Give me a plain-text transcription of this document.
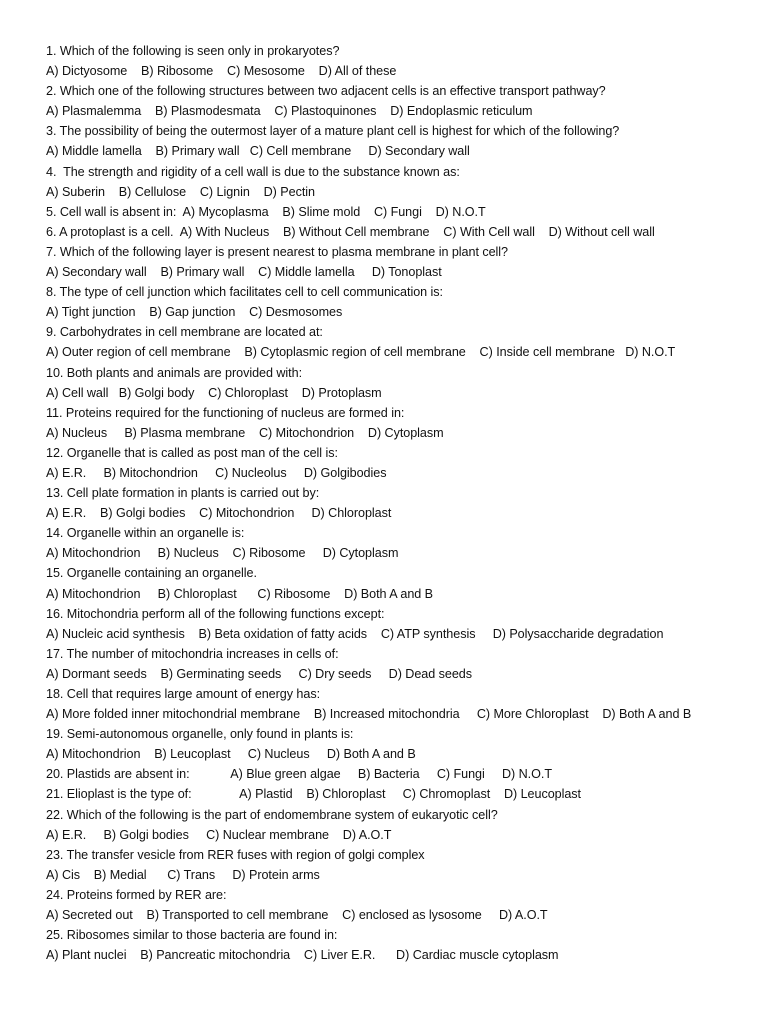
1. Which of the following is seen only in prokaryotes?
A) Dictyosome    B) Ribosome    C) Mesosome    D) All of these
2. Which one of the following structures between two adjacent cells is an effective transport pathway?
A) Plasmalemma    B) Plasmodesmata    C) Plastoquinones    D) Endoplasmic reticulum
3. The possibility of being the outermost layer of a mature plant cell is highest for which of the following?
A) Middle lamella    B) Primary wall   C) Cell membrane     D) Secondary wall
4.  The strength and rigidity of a cell wall is due to the substance known as:
A) Suberin    B) Cellulose    C) Lignin    D) Pectin
5. Cell wall is absent in:  A) Mycoplasma    B) Slime mold    C) Fungi    D) N.O.T
6. A protoplast is a cell.  A) With Nucleus    B) Without Cell membrane    C) With Cell wall    D) Without cell wall
7. Which of the following layer is present nearest to plasma membrane in plant cell?
A) Secondary wall    B) Primary wall    C) Middle lamella     D) Tonoplast
8. The type of cell junction which facilitates cell to cell communication is:
A) Tight junction    B) Gap junction    C) Desmosomes
9. Carbohydrates in cell membrane are located at:
A) Outer region of cell membrane    B) Cytoplasmic region of cell membrane    C) Inside cell membrane   D) N.O.T
10. Both plants and animals are provided with:
A) Cell wall   B) Golgi body    C) Chloroplast    D) Protoplasm
11. Proteins required for the functioning of nucleus are formed in:
A) Nucleus     B) Plasma membrane    C) Mitochondrion    D) Cytoplasm
12. Organelle that is called as post man of the cell is:
A) E.R.     B) Mitochondrion     C) Nucleolus     D) Golgibodies
13. Cell plate formation in plants is carried out by:
A) E.R.    B) Golgi bodies    C) Mitochondrion     D) Chloroplast
14. Organelle within an organelle is:
A) Mitochondrion     B) Nucleus    C) Ribosome     D) Cytoplasm
15. Organelle containing an organelle.
A) Mitochondrion     B) Chloroplast      C) Ribosome    D) Both A and B
16. Mitochondria perform all of the following functions except:
A) Nucleic acid synthesis    B) Beta oxidation of fatty acids    C) ATP synthesis     D) Polysaccharide degradation
17. The number of mitochondria increases in cells of:
A) Dormant seeds    B) Germinating seeds     C) Dry seeds     D) Dead seeds
18. Cell that requires large amount of energy has:
A) More folded inner mitochondrial membrane    B) Increased mitochondria     C) More Chloroplast    D) Both A and B
19. Semi-autonomous organelle, only found in plants is:
A) Mitochondrion    B) Leucoplast     C) Nucleus     D) Both A and B
20. Plastids are absent in:            A) Blue green algae     B) Bacteria     C) Fungi     D) N.O.T
21. Elioplast is the type of:              A) Plastid    B) Chloroplast     C) Chromoplast    D) Leucoplast
22. Which of the following is the part of endomembrane system of eukaryotic cell?
A) E.R.     B) Golgi bodies     C) Nuclear membrane    D) A.O.T
23. The transfer vesicle from RER fuses with region of golgi complex
A) Cis    B) Medial      C) Trans     D) Protein arms
24. Proteins formed by RER are:
A) Secreted out    B) Transported to cell membrane    C) enclosed as lysosome     D) A.O.T
25. Ribosomes similar to those bacteria are found in:
A) Plant nuclei    B) Pancreatic mitochondria    C) Liver E.R.      D) Cardiac muscle cytoplasm
